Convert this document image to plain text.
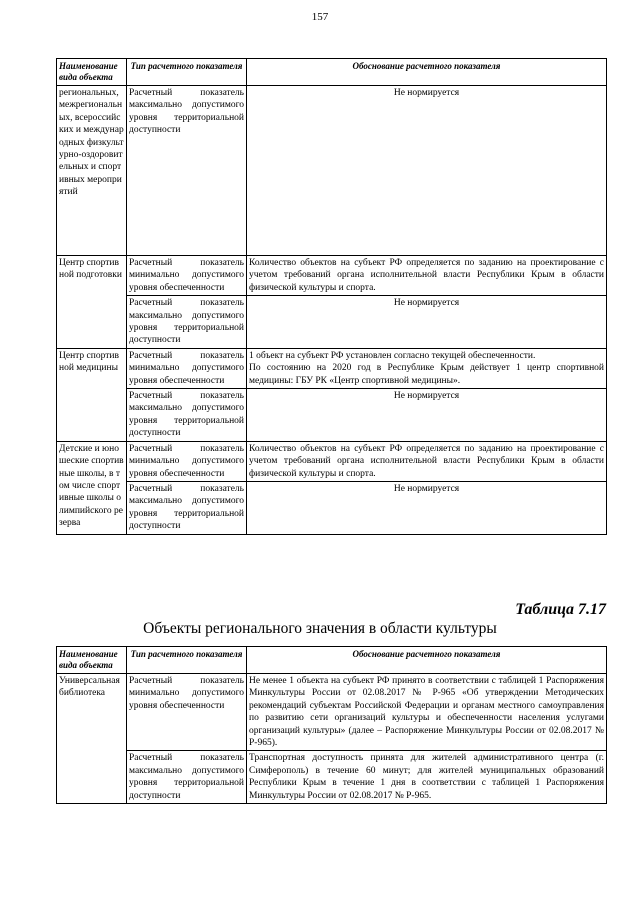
157
Наименование вида объекта	Тип расчетного показателя	Обоснование расчетного показателя
региональных, межрегиональных, всероссийских и международных физкультурно-оздоровительных и спортивных мероприятий	Расчетный показатель максимально допустимого уровня территориальной доступности	Не нормируется
Центр спортивной подготовки	Расчетный показатель минимально допустимого уровня обеспеченности	Количество объектов на субъект РФ определяется по заданию на проектирование с учетом требований органа исполнительной власти Республики Крым в области физической культуры и спорта.
	Расчетный показатель максимально допустимого уровня территориальной доступности	Не нормируется
Центр спортивной медицины	Расчетный показатель минимально допустимого уровня обеспеченности	1 объект на субъект РФ установлен согласно текущей обеспеченности.
По состоянию на 2020 год в Республике Крым действует 1 центр спортивной медицины: ГБУ РК «Центр спортивной медицины».

	Расчетный показатель максимально допустимого уровня территориальной доступности	Не нормируется
Детские и юношеские спортивные школы, в том числе спортивные школы олимпийского резерва	Расчетный показатель минимально допустимого уровня обеспеченности	Количество объектов на субъект РФ определяется по заданию на проектирование с учетом требований органа исполнительной власти Республики Крым в области физической культуры и спорта.
	Расчетный показатель максимально допустимого уровня территориальной доступности	Не нормируется
Таблица 7.17
Объекты регионального значения в области культуры
Наименование вида объекта	Тип расчетного показателя	Обоснование расчетного показателя
Универсальная библиотека	Расчетный показатель минимально допустимого уровня обеспеченности	Не менее 1 объекта на субъект РФ принято в соответствии с таблицей 1 Распоряжения Минкультуры России от 02.08.2017 № Р-965 «Об утверждении Методических рекомендаций субъектам Российской Федерации и органам местного самоуправления по развитию сети организаций культуры и обеспеченности населения услугами организаций культуры» (далее – Распоряжение Минкультуры России от 02.08.2017 № Р-965).
	Расчетный показатель максимально допустимого уровня территориальной доступности	Транспортная доступность принята для жителей административного центра (г. Симферополь) в течение 60 минут; для жителей муниципальных образований Республики Крым в течение 1 дня в соответствии с таблицей 1 Распоряжения Минкультуры России от 02.08.2017 № Р-965.
